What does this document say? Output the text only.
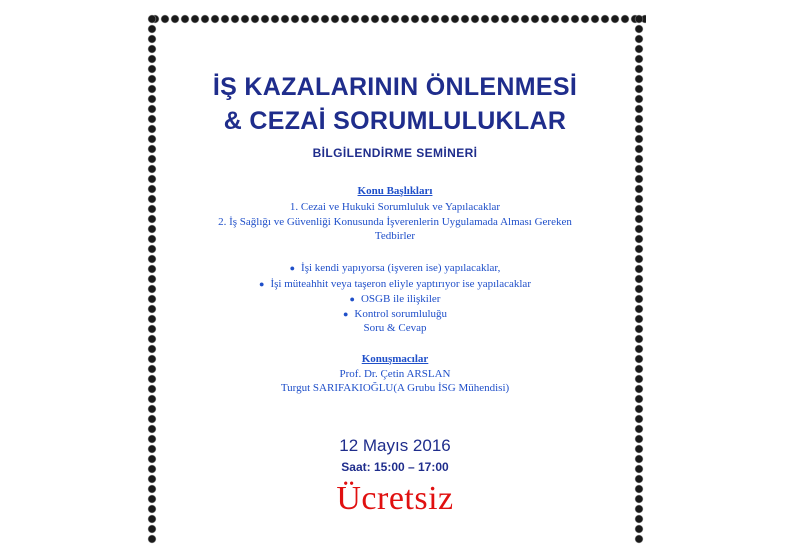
İŞ KAZALARININ ÖNLENMESİ
& CEZAİ SORUMLULUKLAR
BİLGİLENDİRME SEMİNERİ
Konu Başlıkları
1. Cezai ve Hukuki Sorumluluk ve Yapılacaklar
2. İş Sağlığı ve Güvenliği Konusunda İşverenlerin Uygulamada Alması Gereken
Tedbirler
● İşi kendi yapıyorsa (işveren ise) yapılacaklar,
● İşi müteahhit veya taşeron eliyle yaptırıyor ise yapılacaklar
● OSGB ile ilişkiler
● Kontrol sorumluluğu
Soru & Cevap
Konuşmacılar
Prof. Dr. Çetin ARSLAN
Turgut SARIFAKIOĞLU(A Grubu İSG Mühendisi)
12 Mayıs 2016
Saat: 15:00 – 17:00
Ücretsiz
